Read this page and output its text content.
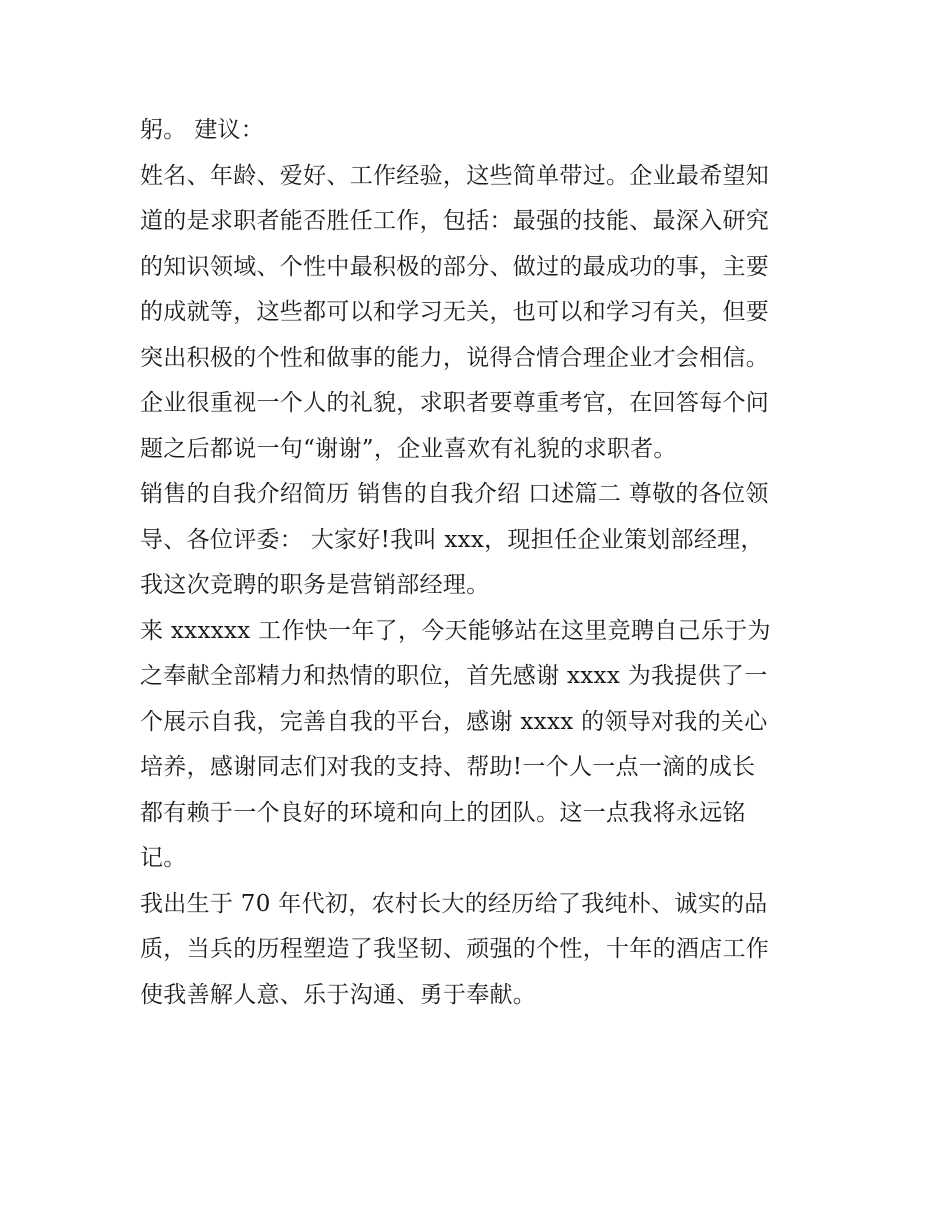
躬。 建议：
姓名、年龄、爱好、工作经验，这些简单带过。企业最希望知
道的是求职者能否胜任工作，包括：最强的技能、最深入研究
的知识领域、个性中最积极的部分、做过的最成功的事，主要
的成就等，这些都可以和学习无关，也可以和学习有关，但要
突出积极的个性和做事的能力，说得合情合理企业才会相信。
企业很重视一个人的礼貌，求职者要尊重考官，在回答每个问
题之后都说一句“谢谢”，企业喜欢有礼貌的求职者。
销售的自我介绍简历 销售的自我介绍 口述篇二 尊敬的各位领
导、各位评委： 大家好!我叫 xxx，现担任企业策划部经理，
我这次竞聘的职务是营销部经理。
来 xxxxxx 工作快一年了，今天能够站在这里竞聘自己乐于为
之奉献全部精力和热情的职位，首先感谢 xxxx 为我提供了一
个展示自我，完善自我的平台，感谢 xxxx 的领导对我的关心
培养，感谢同志们对我的支持、帮助!一个人一点一滴的成长
都有赖于一个良好的环境和向上的团队。这一点我将永远铭
记。
我出生于 70 年代初，农村长大的经历给了我纯朴、诚实的品
质，当兵的历程塑造了我坚韧、顽强的个性，十年的酒店工作
使我善解人意、乐于沟通、勇于奉献。
